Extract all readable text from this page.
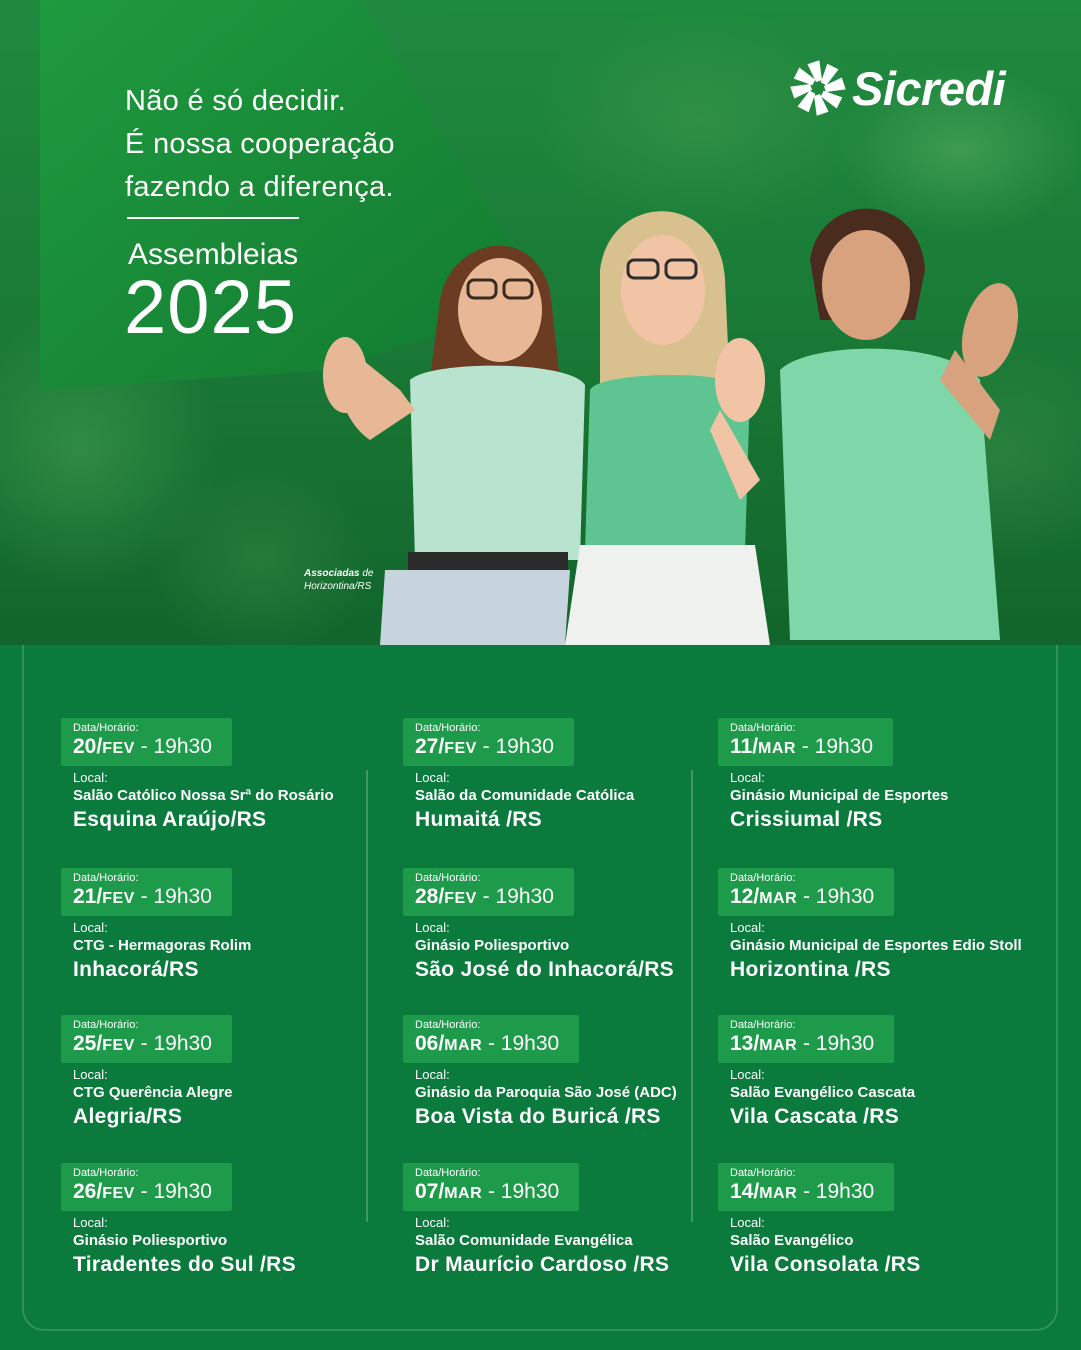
Não é só decidir.
É nossa cooperação
fazendo a diferença.
Assembleias
2025
Sicredi
Associadas de
Horizontina/RS
Data/Horário:
20/FEV - 19h30
Local:
Salão Católico Nossa Srª do Rosário
Esquina Araújo/RS
Data/Horário:
21/FEV - 19h30
Local:
CTG - Hermagoras Rolim
Inhacorá/RS
Data/Horário:
25/FEV - 19h30
Local:
CTG Querência Alegre
Alegria/RS
Data/Horário:
26/FEV - 19h30
Local:
Ginásio Poliesportivo
Tiradentes do Sul /RS
Data/Horário:
27/FEV - 19h30
Local:
Salão da Comunidade Católica
Humaitá /RS
Data/Horário:
28/FEV - 19h30
Local:
Ginásio Poliesportivo
São José do Inhacorá/RS
Data/Horário:
06/MAR - 19h30
Local:
Ginásio da Paroquia São José (ADC)
Boa Vista do Buricá /RS
Data/Horário:
07/MAR - 19h30
Local:
Salão Comunidade Evangélica
Dr Maurício Cardoso /RS
Data/Horário:
11/MAR - 19h30
Local:
Ginásio Municipal de Esportes
Crissiumal /RS
Data/Horário:
12/MAR - 19h30
Local:
Ginásio Municipal de Esportes Edio Stoll
Horizontina /RS
Data/Horário:
13/MAR - 19h30
Local:
Salão Evangélico Cascata
Vila Cascata /RS
Data/Horário:
14/MAR - 19h30
Local:
Salão Evangélico
Vila Consolata /RS
